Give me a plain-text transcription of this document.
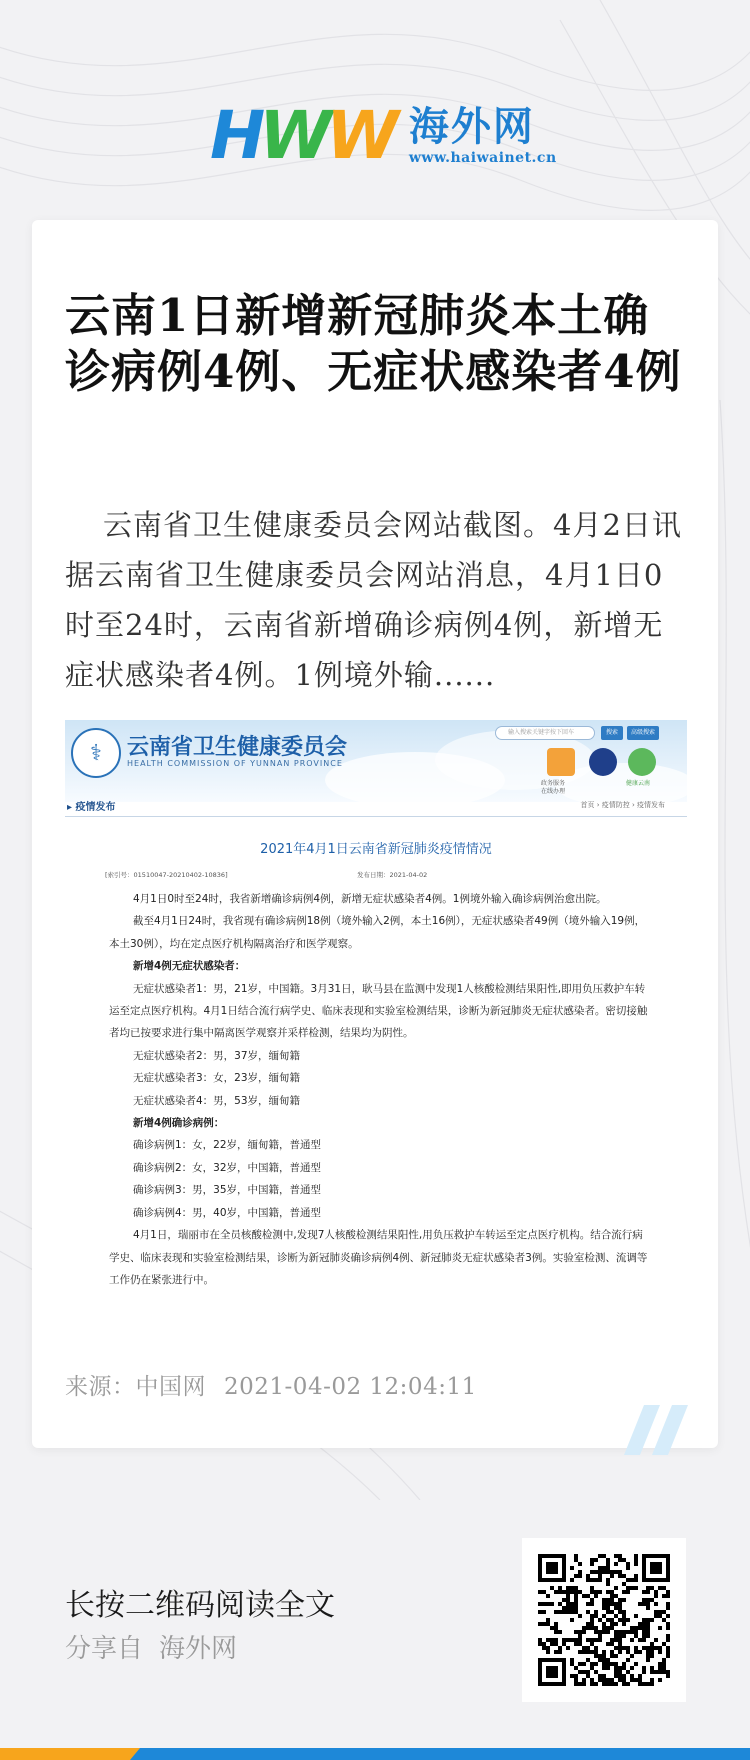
H W W 海外网
www.haiwainet.cn
云南1日新增新冠肺炎本土确诊病例4例、无症状感染者4例

云南省卫生健康委员会网站截图。4月2日讯　据云南省卫生健康委员会网站消息，4月1日0时至24时，云南省新增确诊病例4例，新增无症状感染者4例。1例境外输......

⚕	云南省卫生健康委员会
HEALTH COMMISSION OF YUNNAN PROVINCE
输入搜索关键字按下回车	搜索	高级搜索
政务服务
在线办理
健康云南
▸ 疫情发布	首页 › 疫情防控 › 疫情发布
2021年4月1日云南省新冠肺炎疫情情况
[索引号：01510047-20210402-10836]	发布日期：2021-04-02

4月1日0时至24时，我省新增确诊病例4例，新增无症状感染者4例。1例境外输入确诊病例治愈出院。

截至4月1日24时，我省现有确诊病例18例（境外输入2例，本土16例），无症状感染者49例（境外输入19例，本土30例），均在定点医疗机构隔离治疗和医学观察。

新增4例无症状感染者：

无症状感染者1：男，21岁，中国籍。3月31日，耿马县在监测中发现1人核酸检测结果阳性,即用负压救护车转运至定点医疗机构。4月1日结合流行病学史、临床表现和实验室检测结果，诊断为新冠肺炎无症状感染者。密切接触者均已按要求进行集中隔离医学观察并采样检测，结果均为阴性。

无症状感染者2：男，37岁，缅甸籍

无症状感染者3：女，23岁，缅甸籍

无症状感染者4：男，53岁，缅甸籍

新增4例确诊病例：

确诊病例1：女，22岁，缅甸籍，普通型

确诊病例2：女，32岁，中国籍，普通型

确诊病例3：男，35岁，中国籍，普通型

确诊病例4：男，40岁，中国籍，普通型

4月1日，瑞丽市在全员核酸检测中,发现7人核酸检测结果阳性,用负压救护车转运至定点医疗机构。结合流行病学史、临床表现和实验室检测结果，诊断为新冠肺炎确诊病例4例、新冠肺炎无症状感染者3例。实验室检测、流调等工作仍在紧张进行中。

来源：中国网 2021-04-02 12:04:11
长按二维码阅读全文
分享自 海外网
